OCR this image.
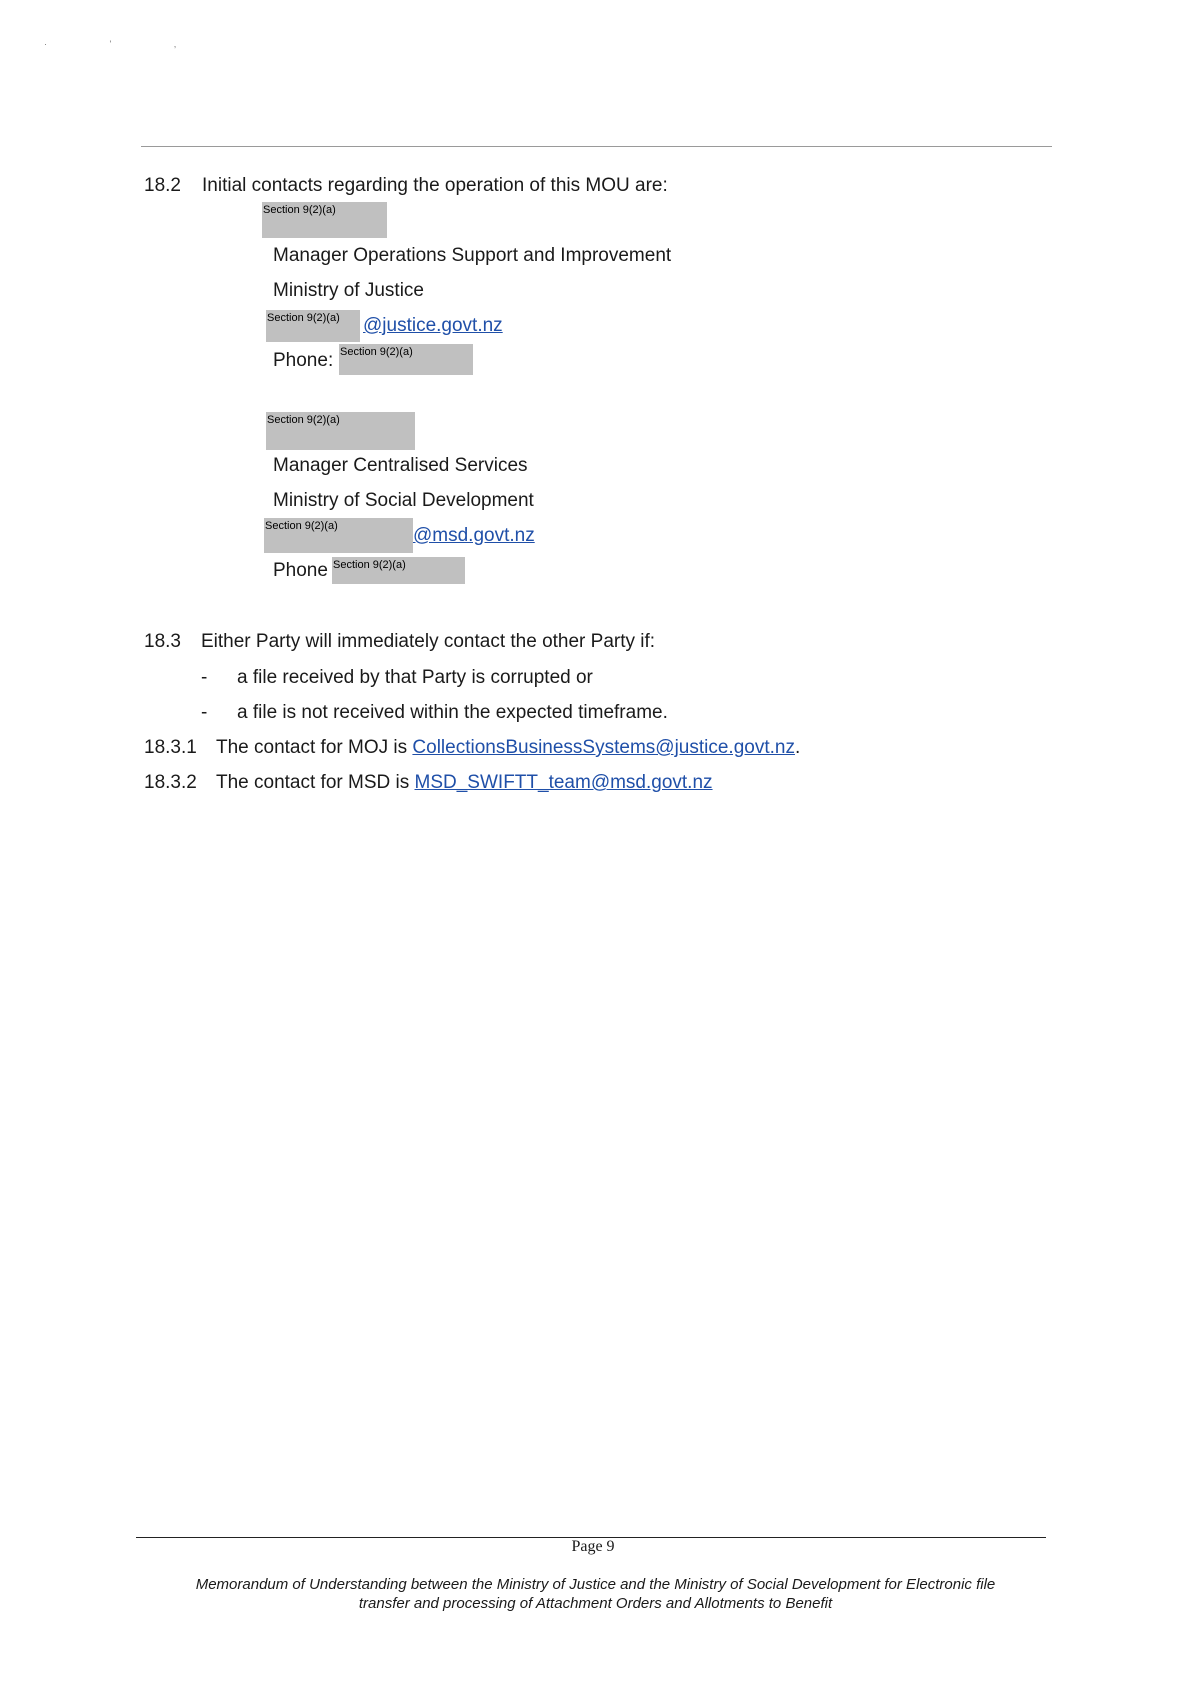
· ' ,
18.2 Initial contacts regarding the operation of this MOU are:
Section 9(2)(a)
Manager Operations Support and Improvement
Ministry of Justice
Section 9(2)(a)	@justice.govt.nz
Phone: Section 9(2)(a)
Section 9(2)(a)
Manager Centralised Services
Ministry of Social Development
Section 9(2)(a)	@msd.govt.nz
Phone Section 9(2)(a)
18.3 Either Party will immediately contact the other Party if:
- a file received by that Party is corrupted or
- a file is not received within the expected timeframe.
18.3.1 The contact for MOJ is CollectionsBusinessSystems@justice.govt.nz.
18.3.2 The contact for MSD is MSD_SWIFTT_team@msd.govt.nz
Page 9
Memorandum of Understanding between the Ministry of Justice and the Ministry of Social Development for Electronic file
transfer and processing of Attachment Orders and Allotments to Benefit
